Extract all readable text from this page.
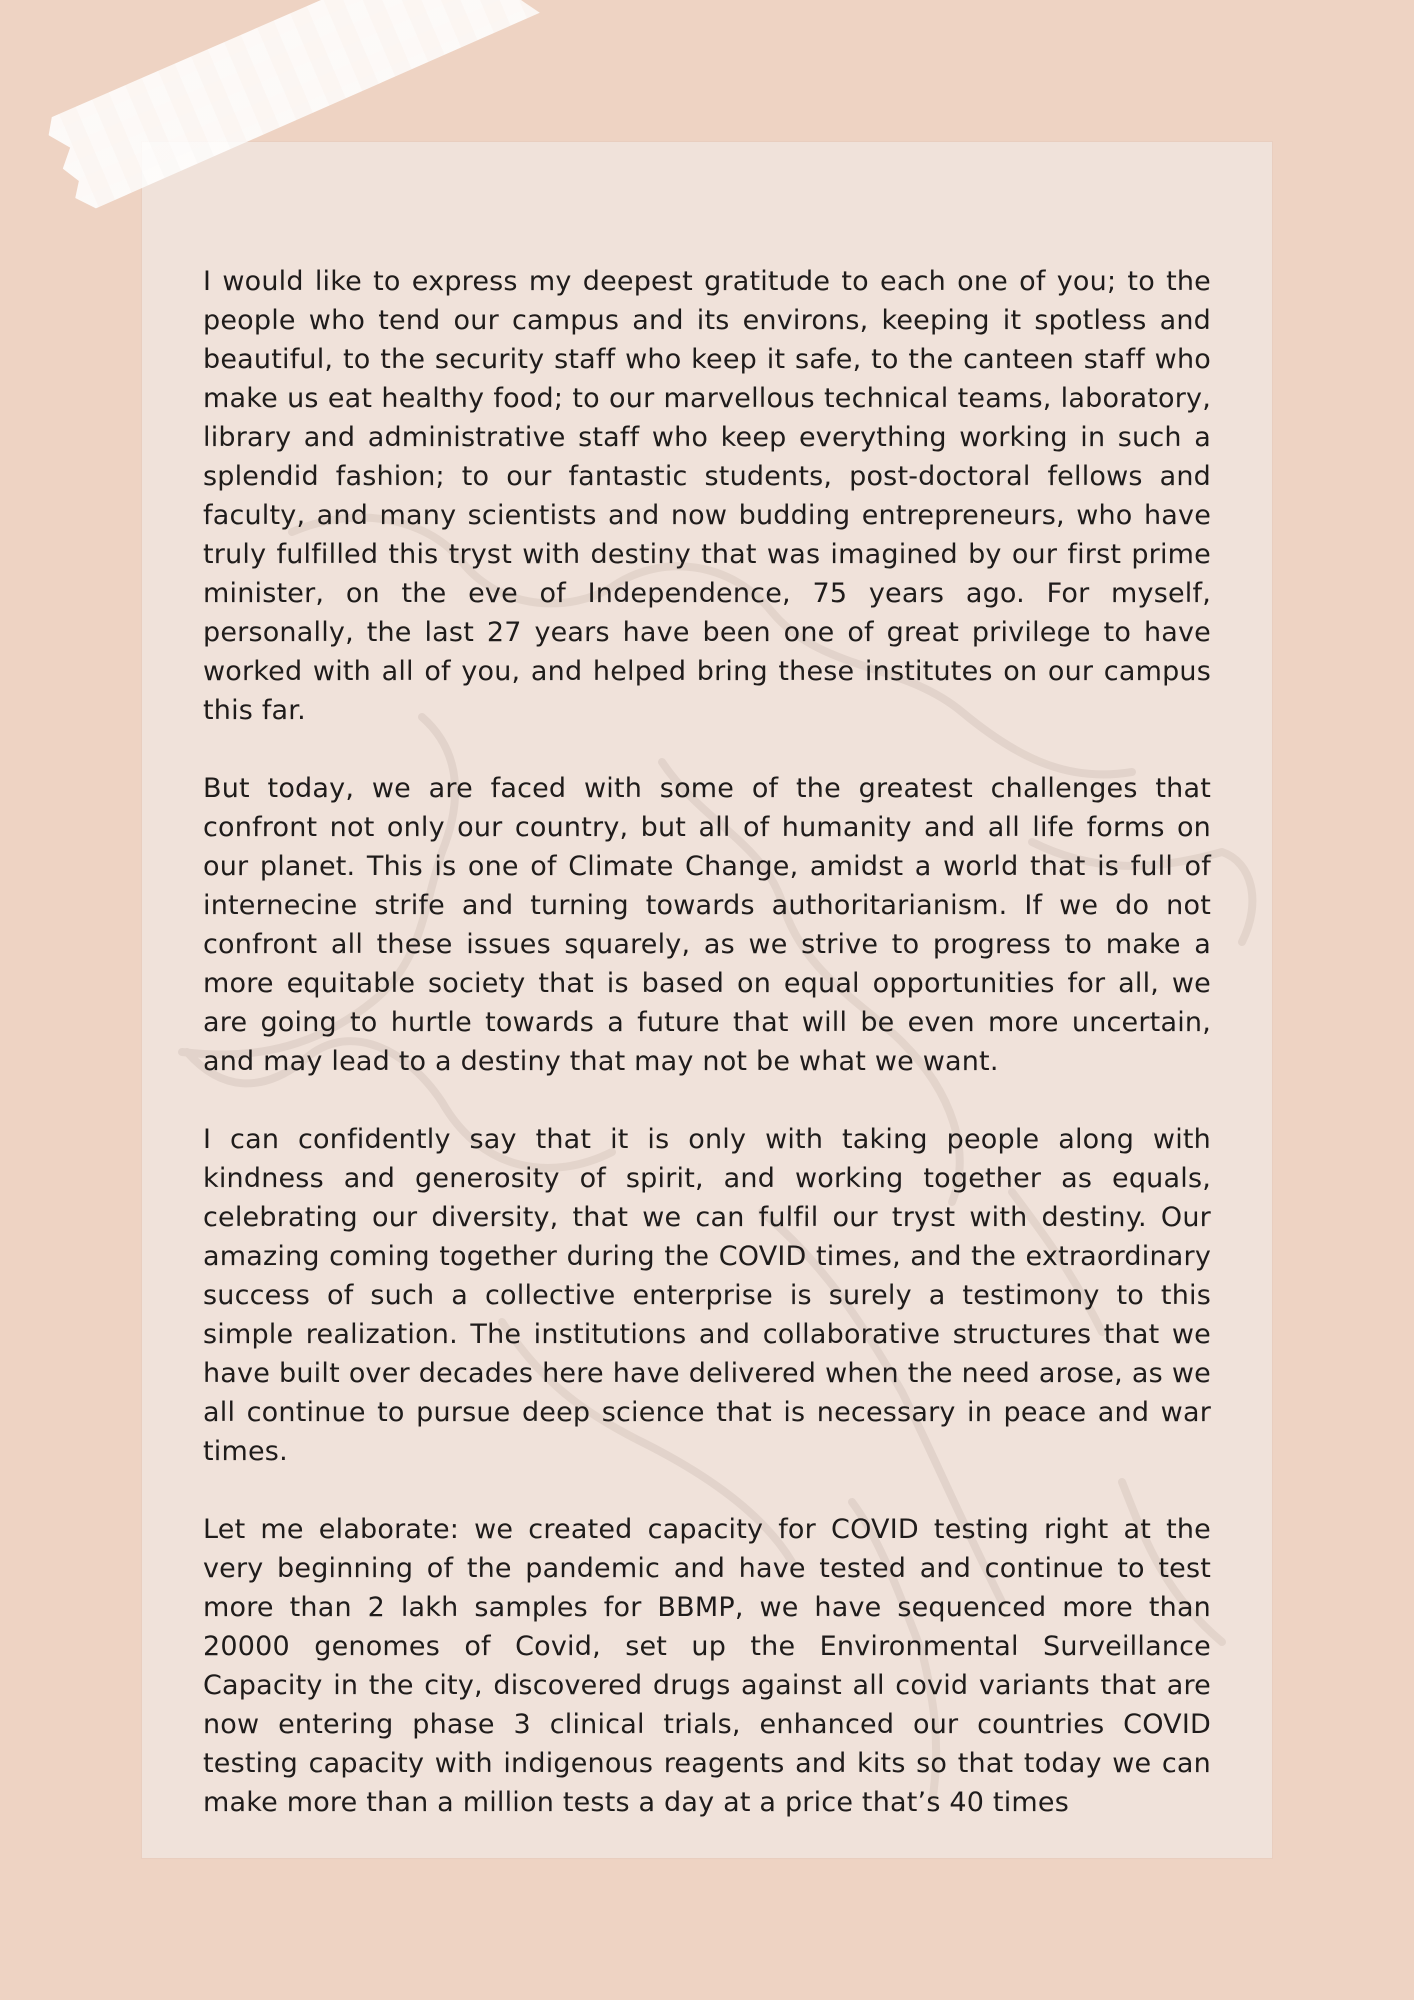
I would like to express my deepest gratitude to each one of you; to the people who tend our campus and its environs, keeping it spotless and beautiful, to the security staff who keep it safe, to the canteen staff who make us eat healthy food; to our marvellous technical teams, laboratory, library and administrative staff who keep everything working in such a splendid fashion; to our fantastic students, post-doctoral fellows and faculty, and many scientists and now budding entrepreneurs, who have truly fulfilled this tryst with destiny that was imagined by our first prime minister, on the eve of Independence, 75 years ago. For myself, personally, the last 27 years have been one of great privilege to have worked with all of you, and helped bring these institutes on our campus this far.

But today, we are faced with some of the greatest challenges that confront not only our country, but all of humanity and all life forms on our planet. This is one of Climate Change, amidst a world that is full of internecine strife and turning towards authoritarianism. If we do not confront all these issues squarely, as we strive to progress to make a more equitable society that is based on equal opportunities for all, we are going to hurtle towards a future that will be even more uncertain, and may lead to a destiny that may not be what we want.

I can confidently say that it is only with taking people along with kindness and generosity of spirit, and working together as equals, celebrating our diversity, that we can fulfil our tryst with destiny. Our amazing coming together during the COVID times, and the extraordinary success of such a collective enterprise is surely a testimony to this simple realization. The institutions and collaborative structures that we have built over decades here have delivered when the need arose, as we all continue to pursue deep science that is necessary in peace and war times.

Let me elaborate: we created capacity for COVID testing right at the very beginning of the pandemic and have tested and continue to test more than 2 lakh samples for BBMP, we have sequenced more than 20000 genomes of Covid, set up the Environmental Surveillance Capacity in the city, discovered drugs against all covid variants that are now entering phase 3 clinical trials, enhanced our countries COVID testing capacity with indigenous reagents and kits so that today we can make more than a million tests a day at a price that’s 40 times
